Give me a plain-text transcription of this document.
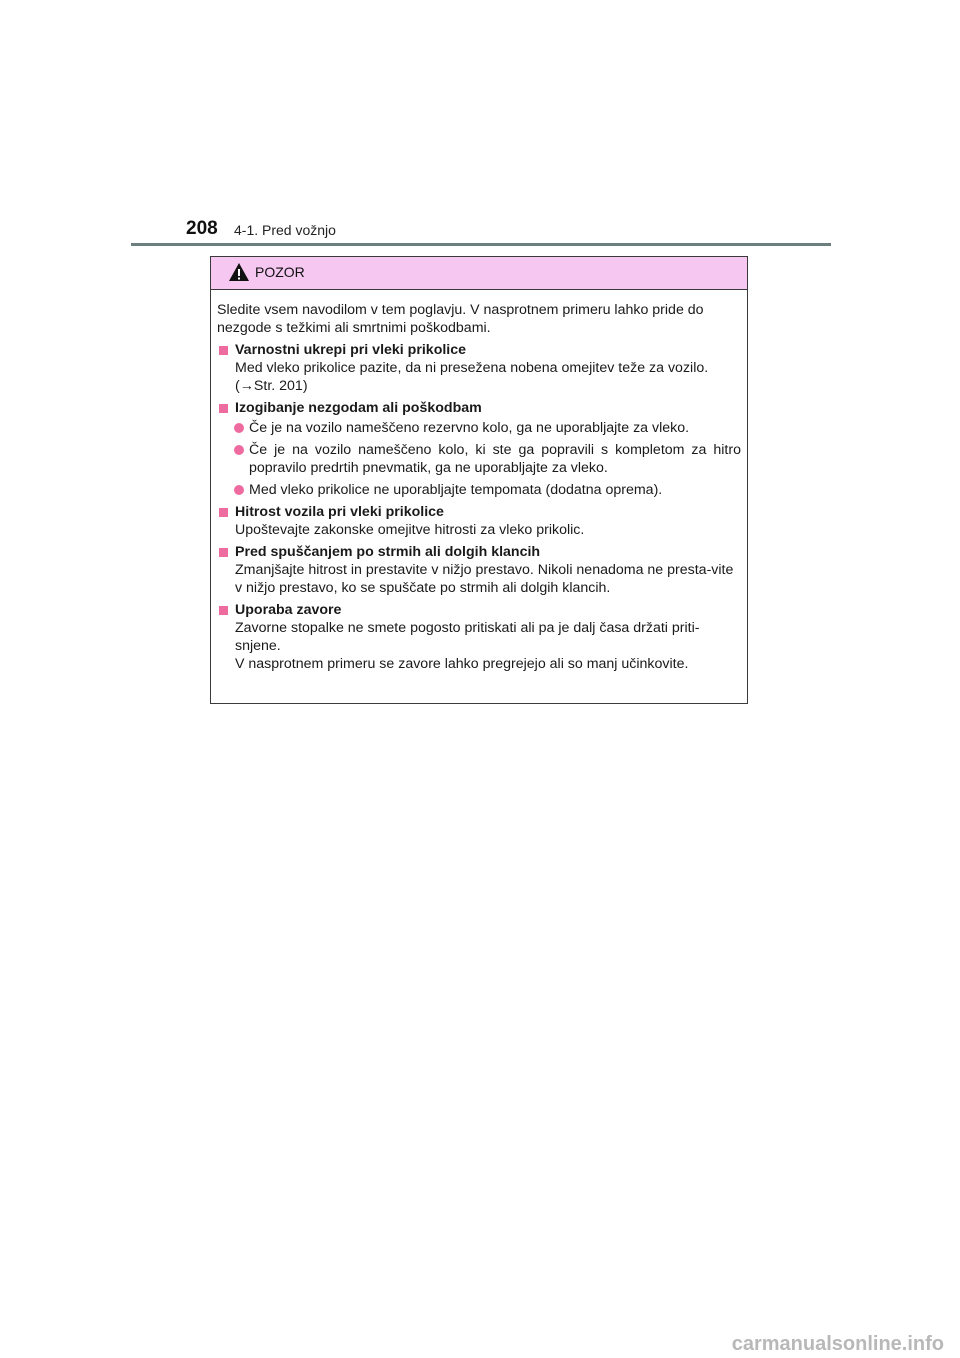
208 4-1. Pred vožnjo
POZOR

Sledite vsem navodilom v tem poglavju. V nasprotnem primeru lahko pride do nezgode s težkimi ali smrtnimi poškodbami.

Varnostni ukrepi pri vleki prikolice
Med vleko prikolice pazite, da ni presežena nobena omejitev teže za vozilo. (→Str. 201)
Izogibanje nezgodam ali poškodbam
Če je na vozilo nameščeno rezervno kolo, ga ne uporabljajte za vleko.
Če je na vozilo nameščeno kolo, ki ste ga popravili s kompletom za hitro popravilo predrtih pnevmatik, ga ne uporabljajte za vleko.
Med vleko prikolice ne uporabljajte tempomata (dodatna oprema).
Hitrost vozila pri vleki prikolice
Upoštevajte zakonske omejitve hitrosti za vleko prikolic.
Pred spuščanjem po strmih ali dolgih klancih
Zmanjšajte hitrost in prestavite v nižjo prestavo. Nikoli nenadoma ne presta-vite v nižjo prestavo, ko se spuščate po strmih ali dolgih klancih.
Uporaba zavore
Zavorne stopalke ne smete pogosto pritiskati ali pa je dalj časa držati priti-snjene.
V nasprotnem primeru se zavore lahko pregrejejo ali so manj učinkovite.
carmanualsonline.info
